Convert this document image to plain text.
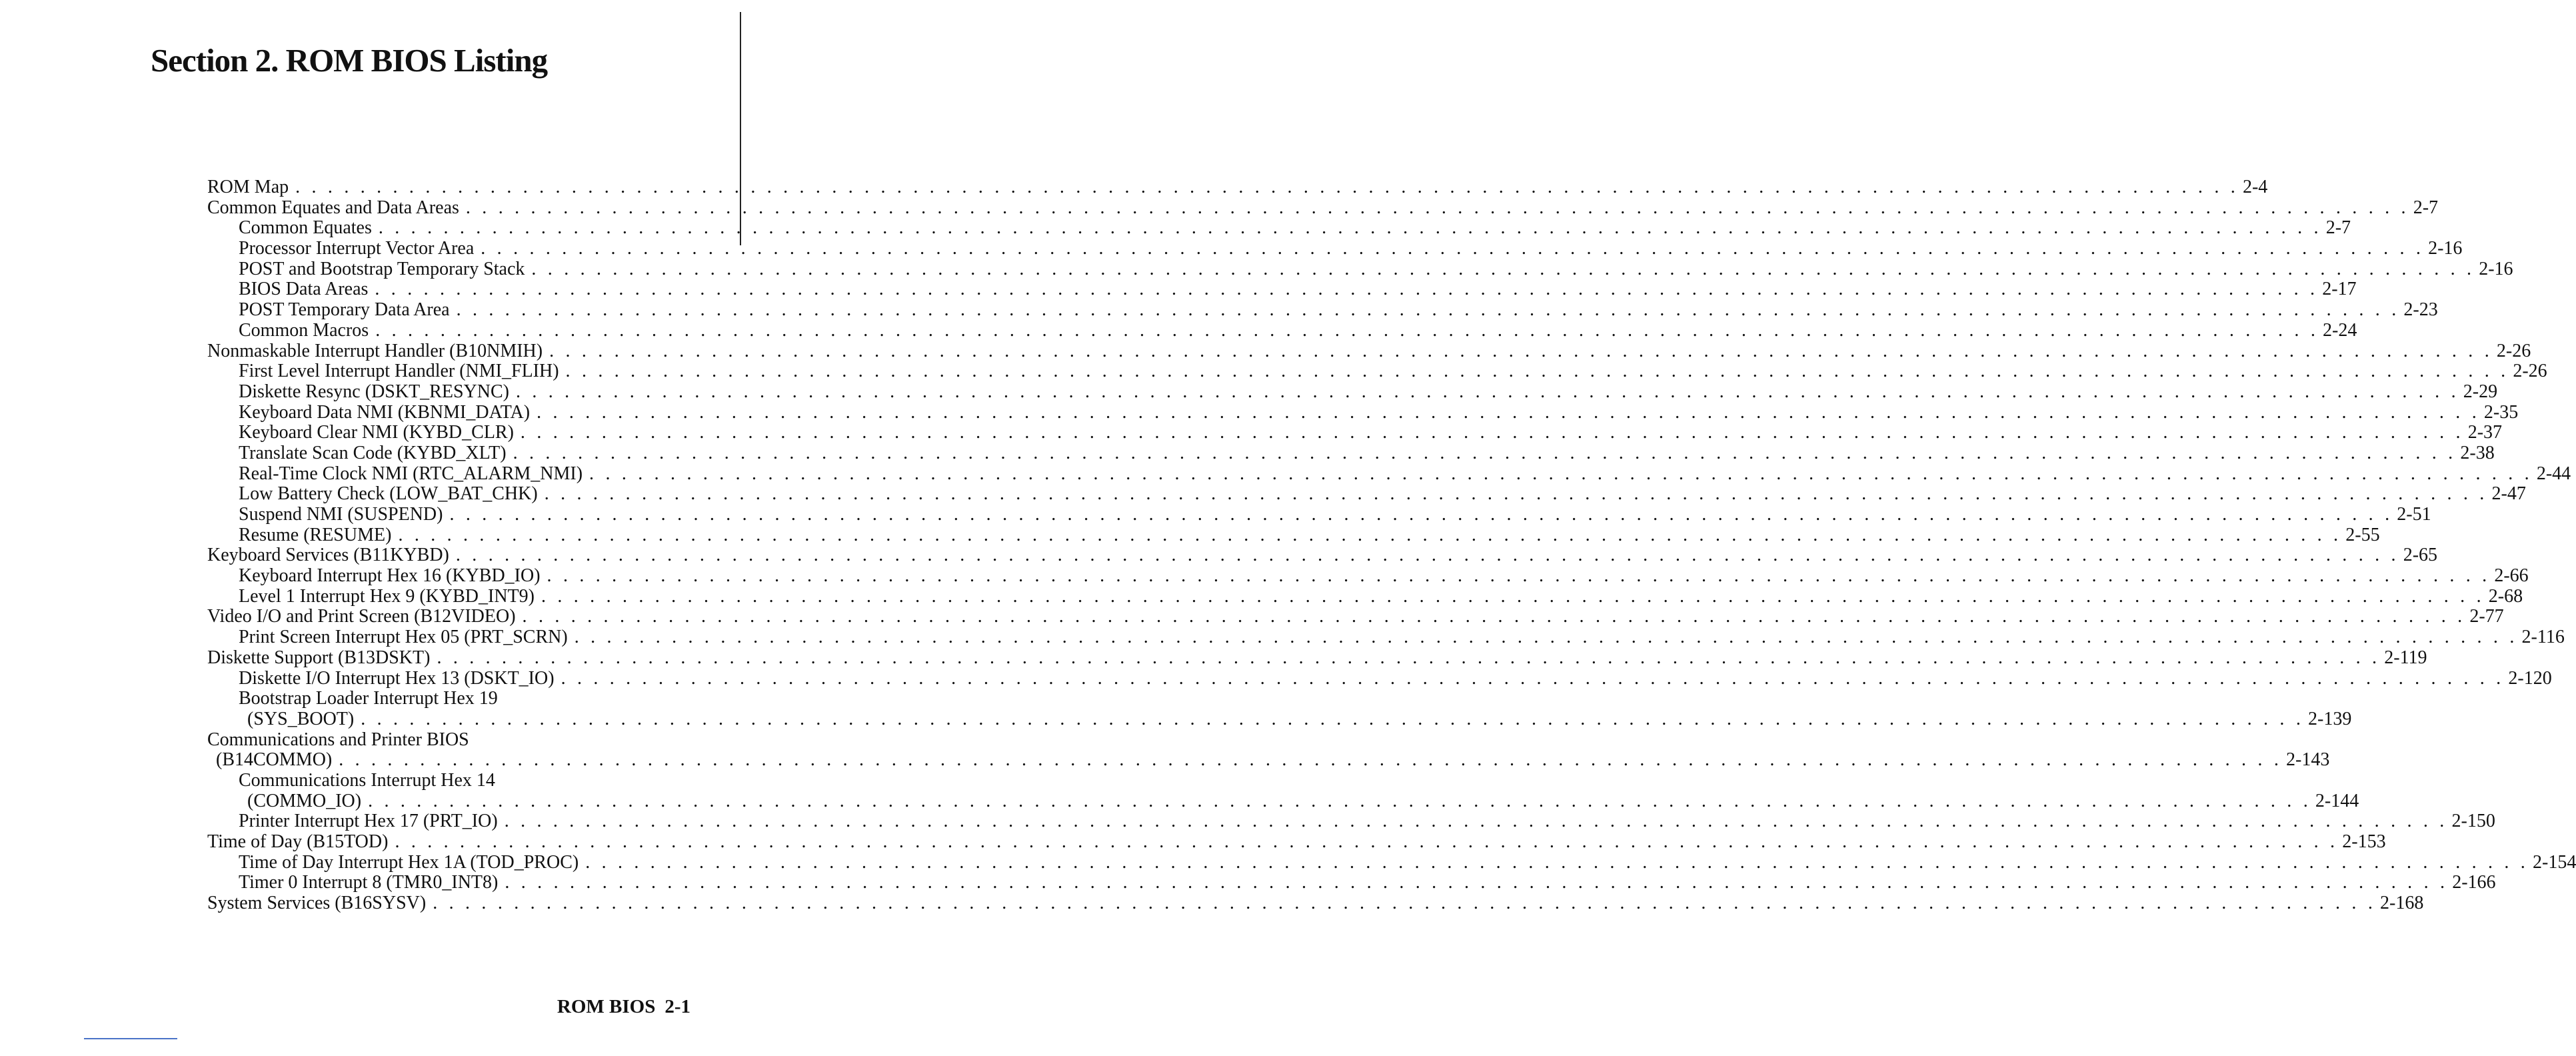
Section 2. ROM BIOS Listing
ROM Map . . . . . . . . . . . . . . . . . . . . . . . . . . . . . . . . . . . . . . . . . . . . . . . . . . . . . . . . . . . . . . . . . . . . . . . . . . . . . . . . . . . . . . . . . . . . . . . . . . . . . . . . . . . . . . . . . . . . . . . . 2-4
Common Equates and Data Areas . . . . . . . . . . . . . . . . . . . . . . . . . . . . . . . . . . . . . . . . . . . . . . . . . . . . . . . . . . . . . . . . . . . . . . . . . . . . . . . . . . . . . . . . . . . . . . . . . . . . . . . . . . . . . . . . . . . . . . . . 2-7
Common Equates . . . . . . . . . . . . . . . . . . . . . . . . . . . . . . . . . . . . . . . . . . . . . . . . . . . . . . . . . . . . . . . . . . . . . . . . . . . . . . . . . . . . . . . . . . . . . . . . . . . . . . . . . . . . . . . . . . . . . . . . 2-7
Processor Interrupt Vector Area . . . . . . . . . . . . . . . . . . . . . . . . . . . . . . . . . . . . . . . . . . . . . . . . . . . . . . . . . . . . . . . . . . . . . . . . . . . . . . . . . . . . . . . . . . . . . . . . . . . . . . . . . . . . . . . . . . . . . . . . 2-16
POST and Bootstrap Temporary Stack . . . . . . . . . . . . . . . . . . . . . . . . . . . . . . . . . . . . . . . . . . . . . . . . . . . . . . . . . . . . . . . . . . . . . . . . . . . . . . . . . . . . . . . . . . . . . . . . . . . . . . . . . . . . . . . . . . . . . . . . 2-16
BIOS Data Areas . . . . . . . . . . . . . . . . . . . . . . . . . . . . . . . . . . . . . . . . . . . . . . . . . . . . . . . . . . . . . . . . . . . . . . . . . . . . . . . . . . . . . . . . . . . . . . . . . . . . . . . . . . . . . . . . . . . . . . . . 2-17
POST Temporary Data Area . . . . . . . . . . . . . . . . . . . . . . . . . . . . . . . . . . . . . . . . . . . . . . . . . . . . . . . . . . . . . . . . . . . . . . . . . . . . . . . . . . . . . . . . . . . . . . . . . . . . . . . . . . . . . . . . . . . . . . . . 2-23
Common Macros . . . . . . . . . . . . . . . . . . . . . . . . . . . . . . . . . . . . . . . . . . . . . . . . . . . . . . . . . . . . . . . . . . . . . . . . . . . . . . . . . . . . . . . . . . . . . . . . . . . . . . . . . . . . . . . . . . . . . . . . 2-24
Nonmaskable Interrupt Handler (B10NMIH) . . . . . . . . . . . . . . . . . . . . . . . . . . . . . . . . . . . . . . . . . . . . . . . . . . . . . . . . . . . . . . . . . . . . . . . . . . . . . . . . . . . . . . . . . . . . . . . . . . . . . . . . . . . . . . . . . . . . . . . . 2-26
First Level Interrupt Handler (NMI_FLIH) . . . . . . . . . . . . . . . . . . . . . . . . . . . . . . . . . . . . . . . . . . . . . . . . . . . . . . . . . . . . . . . . . . . . . . . . . . . . . . . . . . . . . . . . . . . . . . . . . . . . . . . . . . . . . . . . . . . . . . . . 2-26
Diskette Resync (DSKT_RESYNC) . . . . . . . . . . . . . . . . . . . . . . . . . . . . . . . . . . . . . . . . . . . . . . . . . . . . . . . . . . . . . . . . . . . . . . . . . . . . . . . . . . . . . . . . . . . . . . . . . . . . . . . . . . . . . . . . . . . . . . . . 2-29
Keyboard Data NMI (KBNMI_DATA) . . . . . . . . . . . . . . . . . . . . . . . . . . . . . . . . . . . . . . . . . . . . . . . . . . . . . . . . . . . . . . . . . . . . . . . . . . . . . . . . . . . . . . . . . . . . . . . . . . . . . . . . . . . . . . . . . . . . . . . . 2-35
Keyboard Clear NMI (KYBD_CLR) . . . . . . . . . . . . . . . . . . . . . . . . . . . . . . . . . . . . . . . . . . . . . . . . . . . . . . . . . . . . . . . . . . . . . . . . . . . . . . . . . . . . . . . . . . . . . . . . . . . . . . . . . . . . . . . . . . . . . . . . 2-37
Translate Scan Code (KYBD_XLT) . . . . . . . . . . . . . . . . . . . . . . . . . . . . . . . . . . . . . . . . . . . . . . . . . . . . . . . . . . . . . . . . . . . . . . . . . . . . . . . . . . . . . . . . . . . . . . . . . . . . . . . . . . . . . . . . . . . . . . . . 2-38
Real-Time Clock NMI (RTC_ALARM_NMI) . . . . . . . . . . . . . . . . . . . . . . . . . . . . . . . . . . . . . . . . . . . . . . . . . . . . . . . . . . . . . . . . . . . . . . . . . . . . . . . . . . . . . . . . . . . . . . . . . . . . . . . . . . . . . . . . . . . . . . . . 2-44
Low Battery Check (LOW_BAT_CHK) . . . . . . . . . . . . . . . . . . . . . . . . . . . . . . . . . . . . . . . . . . . . . . . . . . . . . . . . . . . . . . . . . . . . . . . . . . . . . . . . . . . . . . . . . . . . . . . . . . . . . . . . . . . . . . . . . . . . . . . . 2-47
Suspend NMI (SUSPEND) . . . . . . . . . . . . . . . . . . . . . . . . . . . . . . . . . . . . . . . . . . . . . . . . . . . . . . . . . . . . . . . . . . . . . . . . . . . . . . . . . . . . . . . . . . . . . . . . . . . . . . . . . . . . . . . . . . . . . . . . 2-51
Resume (RESUME) . . . . . . . . . . . . . . . . . . . . . . . . . . . . . . . . . . . . . . . . . . . . . . . . . . . . . . . . . . . . . . . . . . . . . . . . . . . . . . . . . . . . . . . . . . . . . . . . . . . . . . . . . . . . . . . . . . . . . . . . 2-55
Keyboard Services (B11KYBD) . . . . . . . . . . . . . . . . . . . . . . . . . . . . . . . . . . . . . . . . . . . . . . . . . . . . . . . . . . . . . . . . . . . . . . . . . . . . . . . . . . . . . . . . . . . . . . . . . . . . . . . . . . . . . . . . . . . . . . . . 2-65
Keyboard Interrupt Hex 16 (KYBD_IO) . . . . . . . . . . . . . . . . . . . . . . . . . . . . . . . . . . . . . . . . . . . . . . . . . . . . . . . . . . . . . . . . . . . . . . . . . . . . . . . . . . . . . . . . . . . . . . . . . . . . . . . . . . . . . . . . . . . . . . . . 2-66
Level 1 Interrupt Hex 9 (KYBD_INT9) . . . . . . . . . . . . . . . . . . . . . . . . . . . . . . . . . . . . . . . . . . . . . . . . . . . . . . . . . . . . . . . . . . . . . . . . . . . . . . . . . . . . . . . . . . . . . . . . . . . . . . . . . . . . . . . . . . . . . . . . 2-68
Video I/O and Print Screen (B12VIDEO) . . . . . . . . . . . . . . . . . . . . . . . . . . . . . . . . . . . . . . . . . . . . . . . . . . . . . . . . . . . . . . . . . . . . . . . . . . . . . . . . . . . . . . . . . . . . . . . . . . . . . . . . . . . . . . . . . . . . . . . . 2-77
Print Screen Interrupt Hex 05 (PRT_SCRN) . . . . . . . . . . . . . . . . . . . . . . . . . . . . . . . . . . . . . . . . . . . . . . . . . . . . . . . . . . . . . . . . . . . . . . . . . . . . . . . . . . . . . . . . . . . . . . . . . . . . . . . . . . . . . . . . . . . . . . . . 2-116
Diskette Support (B13DSKT) . . . . . . . . . . . . . . . . . . . . . . . . . . . . . . . . . . . . . . . . . . . . . . . . . . . . . . . . . . . . . . . . . . . . . . . . . . . . . . . . . . . . . . . . . . . . . . . . . . . . . . . . . . . . . . . . . . . . . . . . 2-119
Diskette I/O Interrupt Hex 13 (DSKT_IO) . . . . . . . . . . . . . . . . . . . . . . . . . . . . . . . . . . . . . . . . . . . . . . . . . . . . . . . . . . . . . . . . . . . . . . . . . . . . . . . . . . . . . . . . . . . . . . . . . . . . . . . . . . . . . . . . . . . . . . . . 2-120
Bootstrap Loader Interrupt Hex 19
(SYS_BOOT) . . . . . . . . . . . . . . . . . . . . . . . . . . . . . . . . . . . . . . . . . . . . . . . . . . . . . . . . . . . . . . . . . . . . . . . . . . . . . . . . . . . . . . . . . . . . . . . . . . . . . . . . . . . . . . . . . . . . . . . . 2-139
Communications and Printer BIOS
(B14COMMO) . . . . . . . . . . . . . . . . . . . . . . . . . . . . . . . . . . . . . . . . . . . . . . . . . . . . . . . . . . . . . . . . . . . . . . . . . . . . . . . . . . . . . . . . . . . . . . . . . . . . . . . . . . . . . . . . . . . . . . . . 2-143
Communications Interrupt Hex 14
(COMMO_IO) . . . . . . . . . . . . . . . . . . . . . . . . . . . . . . . . . . . . . . . . . . . . . . . . . . . . . . . . . . . . . . . . . . . . . . . . . . . . . . . . . . . . . . . . . . . . . . . . . . . . . . . . . . . . . . . . . . . . . . . . 2-144
Printer Interrupt Hex 17 (PRT_IO) . . . . . . . . . . . . . . . . . . . . . . . . . . . . . . . . . . . . . . . . . . . . . . . . . . . . . . . . . . . . . . . . . . . . . . . . . . . . . . . . . . . . . . . . . . . . . . . . . . . . . . . . . . . . . . . . . . . . . . . . 2-150
Time of Day (B15TOD) . . . . . . . . . . . . . . . . . . . . . . . . . . . . . . . . . . . . . . . . . . . . . . . . . . . . . . . . . . . . . . . . . . . . . . . . . . . . . . . . . . . . . . . . . . . . . . . . . . . . . . . . . . . . . . . . . . . . . . . . 2-153
Time of Day Interrupt Hex 1A (TOD_PROC) . . . . . . . . . . . . . . . . . . . . . . . . . . . . . . . . . . . . . . . . . . . . . . . . . . . . . . . . . . . . . . . . . . . . . . . . . . . . . . . . . . . . . . . . . . . . . . . . . . . . . . . . . . . . . . . . . . . . . . . . 2-154
Timer 0 Interrupt 8 (TMR0_INT8) . . . . . . . . . . . . . . . . . . . . . . . . . . . . . . . . . . . . . . . . . . . . . . . . . . . . . . . . . . . . . . . . . . . . . . . . . . . . . . . . . . . . . . . . . . . . . . . . . . . . . . . . . . . . . . . . . . . . . . . . 2-166
System Services (B16SYSV) . . . . . . . . . . . . . . . . . . . . . . . . . . . . . . . . . . . . . . . . . . . . . . . . . . . . . . . . . . . . . . . . . . . . . . . . . . . . . . . . . . . . . . . . . . . . . . . . . . . . . . . . . . . . . . . . . . . . . . . . 2-168
ROM BIOS 2-1
